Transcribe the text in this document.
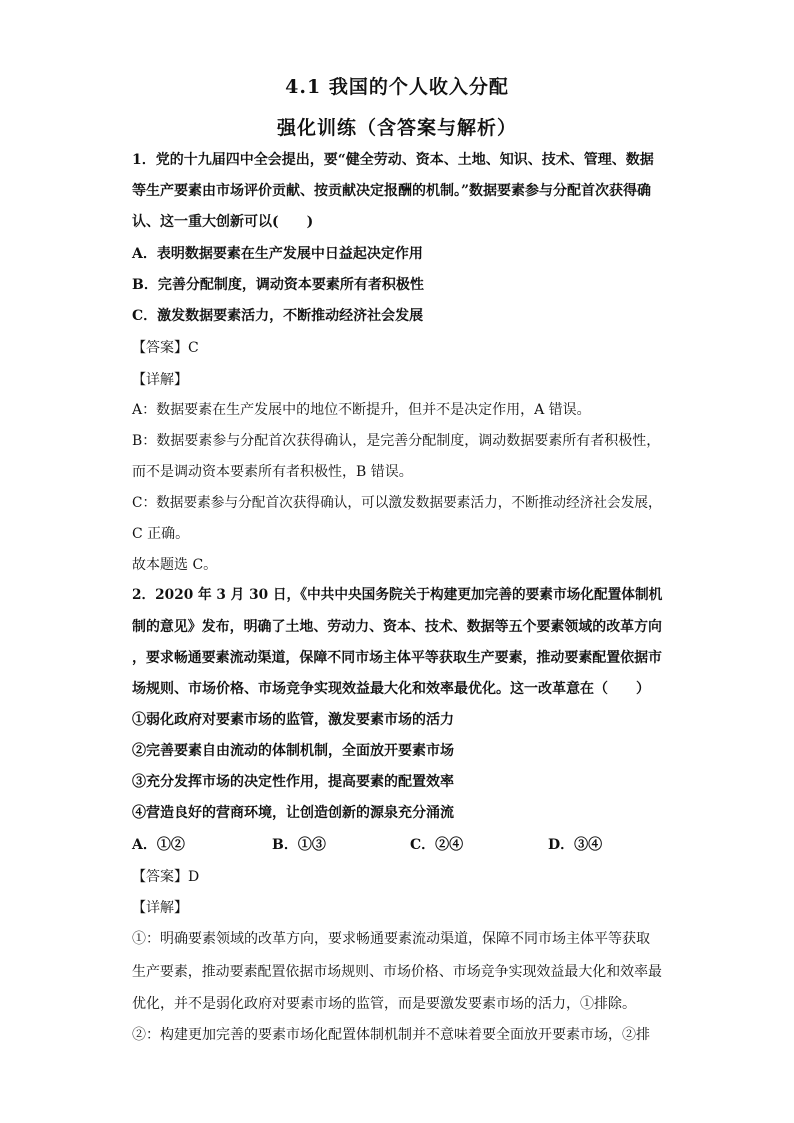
4.1 我国的个人收入分配
强化训练（含答案与解析）
1．党的十九届四中全会提出，要“健全劳动、资本、土地、知识、技术、管理、数据
等生产要素由市场评价贡献、按贡献决定报酬的机制。”数据要素参与分配首次获得确
认、这一重大创新可以(　　)
A．表明数据要素在生产发展中日益起决定作用
B．完善分配制度，调动资本要素所有者积极性
C．激发数据要素活力，不断推动经济社会发展
【答案】C
【详解】
A：数据要素在生产发展中的地位不断提升，但并不是决定作用，A 错误。
B：数据要素参与分配首次获得确认，是完善分配制度，调动数据要素所有者积极性，
而不是调动资本要素所有者积极性，B 错误。
C：数据要素参与分配首次获得确认，可以激发数据要素活力，不断推动经济社会发展，
C 正确。
故本题选 C。
2．2020 年 3 月 30 日，《中共中央国务院关于构建更加完善的要素市场化配置体制机
制的意见》发布，明确了土地、劳动力、资本、技术、数据等五个要素领域的改革方向
，要求畅通要素流动渠道，保障不同市场主体平等获取生产要素，推动要素配置依据市
场规则、市场价格、市场竞争实现效益最大化和效率最优化。这一改革意在（　　）
①弱化政府对要素市场的监管，激发要素市场的活力
②完善要素自由流动的体制机制，全面放开要素市场
③充分发挥市场的决定性作用，提高要素的配置效率
④营造良好的营商环境，让创造创新的源泉充分涌流
A．①②	B．①③	C．②④	D．③④
【答案】D
【详解】
①：明确要素领域的改革方向，要求畅通要素流动渠道，保障不同市场主体平等获取
生产要素，推动要素配置依据市场规则、市场价格、市场竞争实现效益最大化和效率最
优化，并不是弱化政府对要素市场的监管，而是要激发要素市场的活力，①排除。
②：构建更加完善的要素市场化配置体制机制并不意味着要全面放开要素市场，②排
